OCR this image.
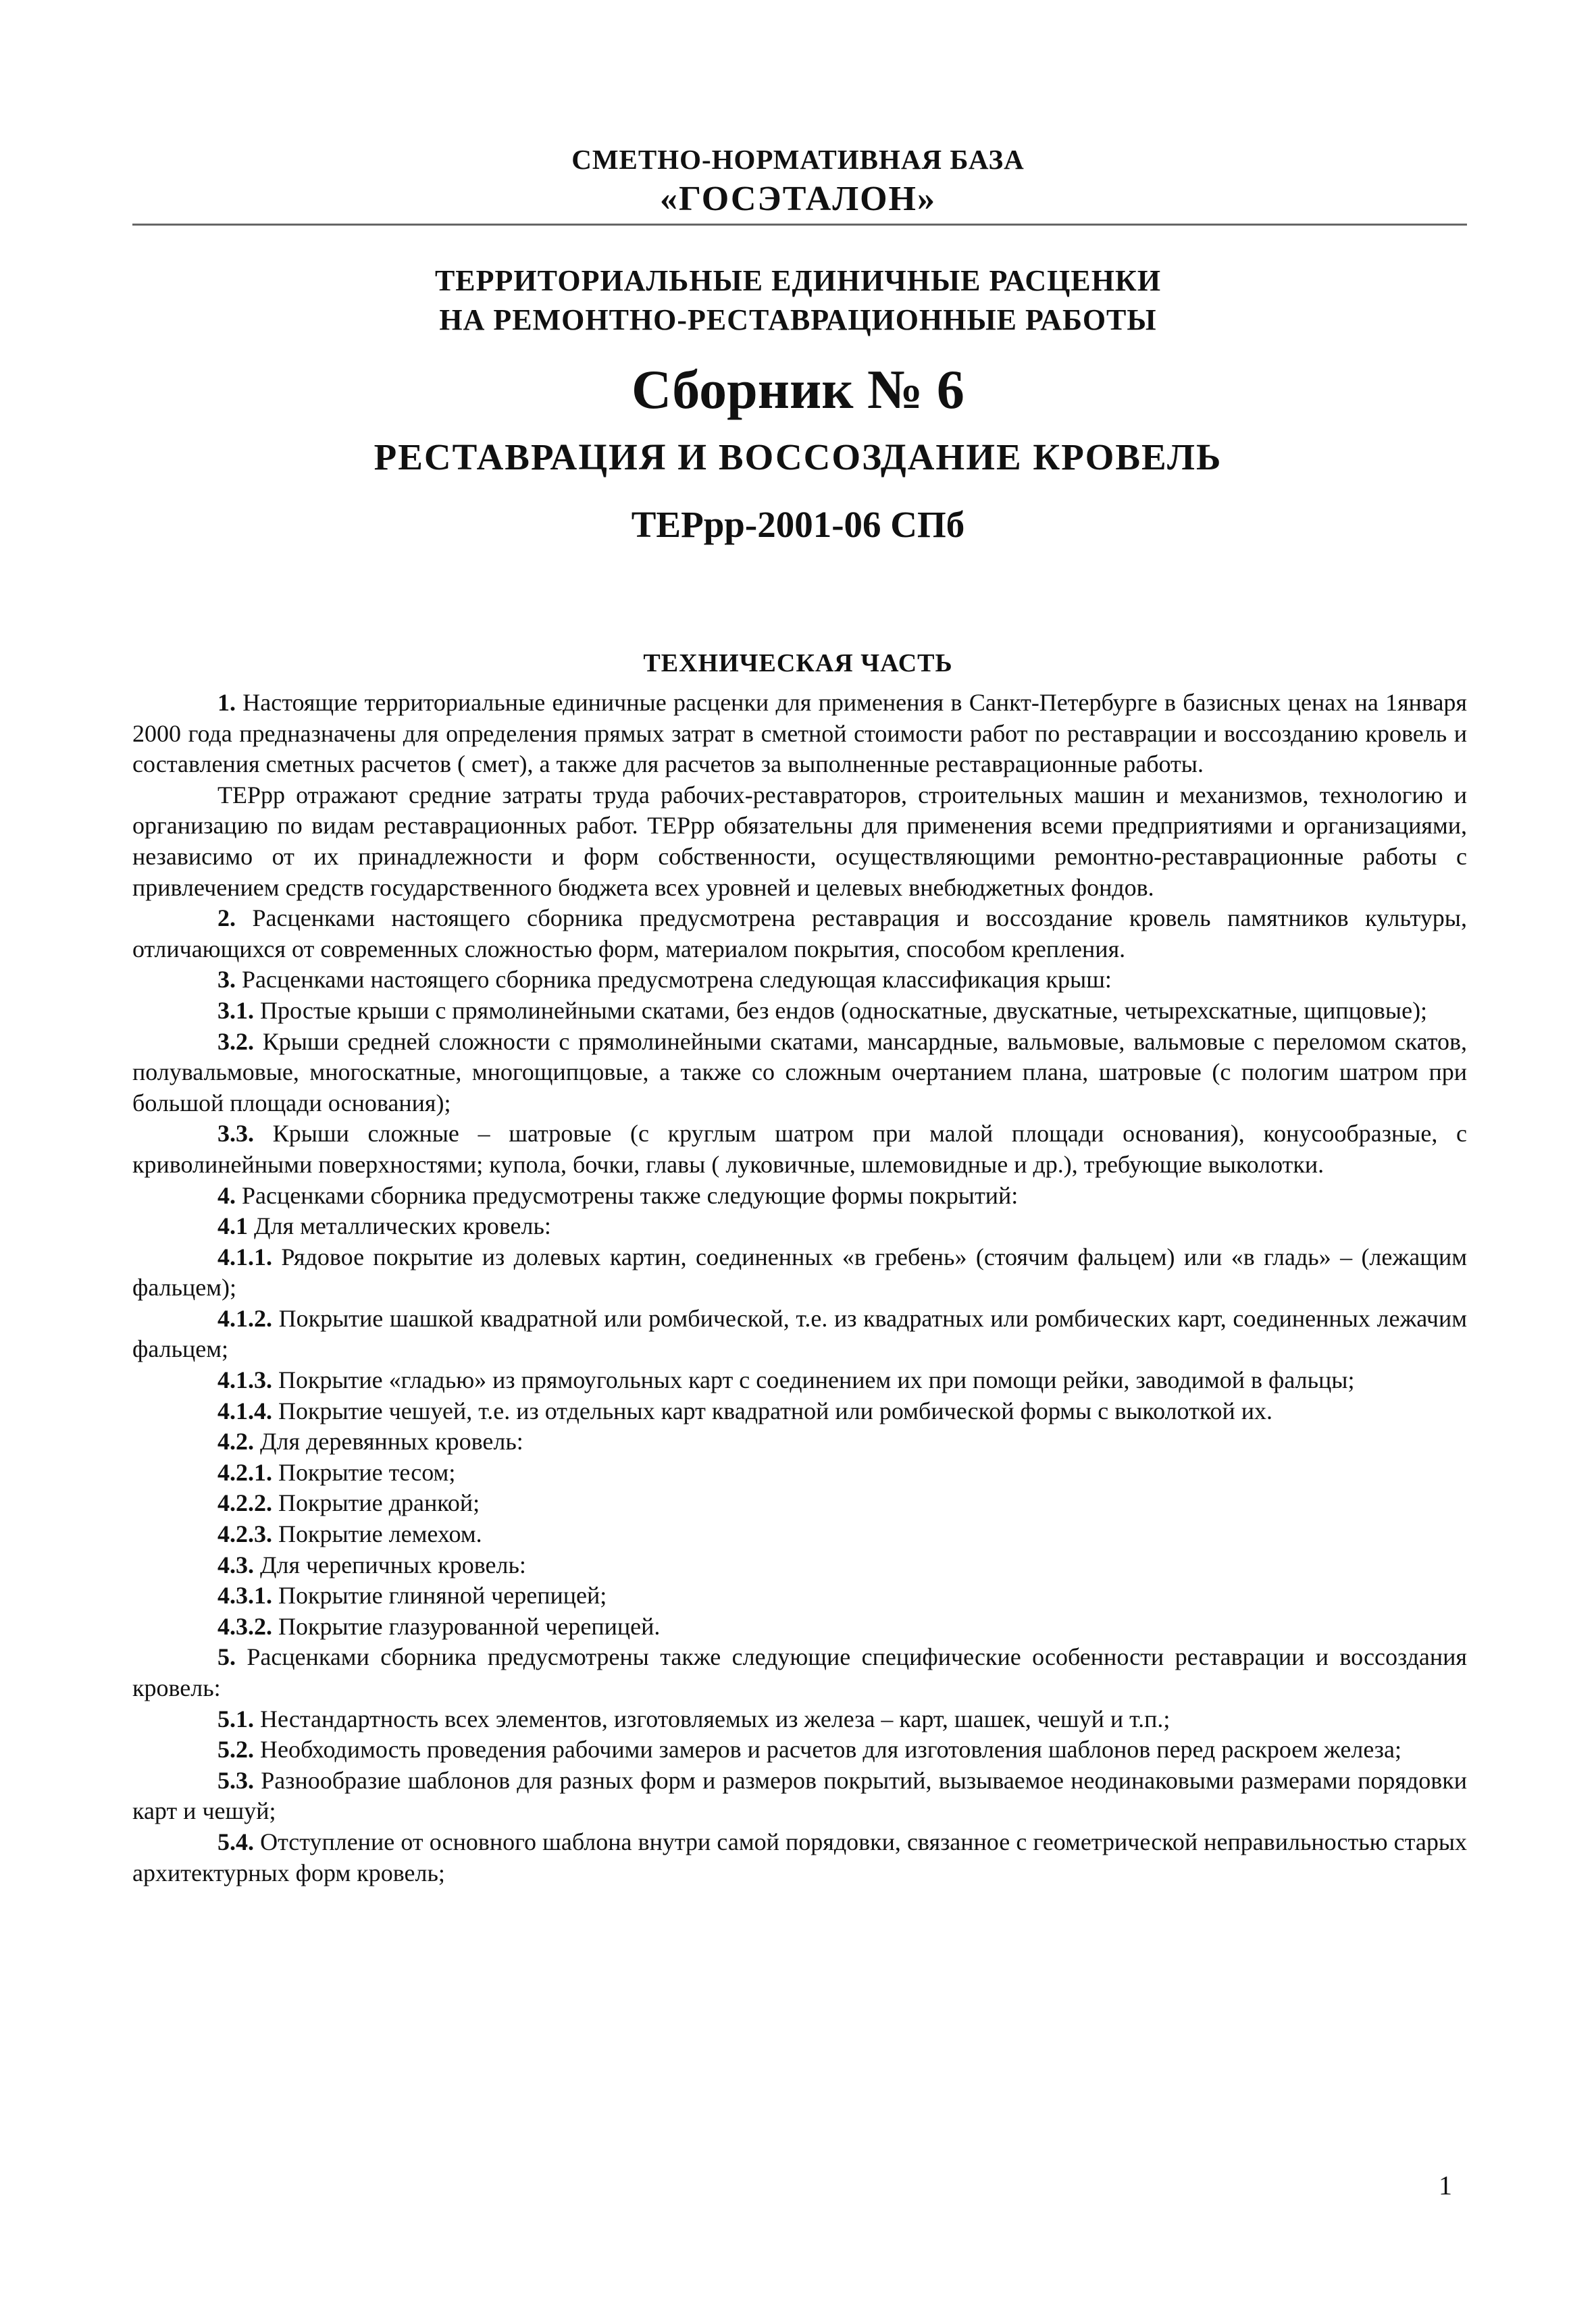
СМЕТНО-НОРМАТИВНАЯ БАЗА
«ГОСЭТАЛОН»
ТЕРРИТОРИАЛЬНЫЕ ЕДИНИЧНЫЕ РАСЦЕНКИ
НА РЕМОНТНО-РЕСТАВРАЦИОННЫЕ РАБОТЫ
Сборник № 6
РЕСТАВРАЦИЯ И ВОССОЗДАНИЕ КРОВЕЛЬ
ТЕРрр-2001-06 СПб
ТЕХНИЧЕСКАЯ ЧАСТЬ

1. Настоящие территориальные единичные расценки для применения в Санкт-Петербурге в базисных ценах на 1января 2000 года предназначены для определения прямых затрат в сметной стоимости работ по реставрации и воссозданию кровель и составления сметных расчетов ( смет), а также для расчетов за выполненные реставрационные работы.

ТЕРрр отражают средние затраты труда рабочих-реставраторов, строительных машин и механизмов, технологию и организацию по видам реставрационных работ. ТЕРрр обязательны для применения всеми предприятиями и организациями, независимо от их принадлежности и форм собственности, осуществляющими ремонтно-реставрационные работы с привлечением средств государственного бюджета всех уровней и целевых внебюджетных фондов.

2. Расценками настоящего сборника предусмотрена реставрация и воссоздание кровель памятников культуры, отличающихся от современных сложностью форм, материалом покрытия, способом крепления.

3. Расценками настоящего сборника предусмотрена следующая классификация крыш:

3.1. Простые крыши с прямолинейными скатами, без ендов (односкатные, двускатные, четырехскатные, щипцовые);

3.2. Крыши средней сложности с прямолинейными скатами, мансардные, вальмовые, вальмовые с переломом скатов, полувальмовые, многоскатные, многощипцовые, а также со сложным очертанием плана, шатровые (с пологим шатром при большой площади основания);

3.3. Крыши сложные – шатровые (с круглым шатром при малой площади основания), конусообразные, с криволинейными поверхностями; купола, бочки, главы ( луковичные, шлемовидные и др.), требующие выколотки.

4. Расценками сборника предусмотрены также следующие формы покрытий:

4.1 Для металлических кровель:

4.1.1. Рядовое покрытие из долевых картин, соединенных «в гребень» (стоячим фальцем) или «в гладь» – (лежащим фальцем);

4.1.2. Покрытие шашкой квадратной или ромбической, т.е. из квадратных или ромбических карт, соединенных лежачим фальцем;

4.1.3. Покрытие «гладью» из прямоугольных карт с соединением их при помощи рейки, заводимой в фальцы;

4.1.4. Покрытие чешуей, т.е. из отдельных карт квадратной или ромбической формы с выколоткой их.

4.2. Для деревянных кровель:

4.2.1. Покрытие тесом;

4.2.2. Покрытие дранкой;

4.2.3. Покрытие лемехом.

4.3. Для черепичных кровель:

4.3.1. Покрытие глиняной черепицей;

4.3.2. Покрытие глазурованной черепицей.

5. Расценками сборника предусмотрены также следующие специфические особенности реставрации и воссоздания кровель:

5.1. Нестандартность всех элементов, изготовляемых из железа – карт, шашек, чешуй и т.п.;

5.2. Необходимость проведения рабочими замеров и расчетов для изготовления шаблонов перед раскроем железа;

5.3. Разнообразие шаблонов для разных форм и размеров покрытий, вызываемое неодинаковыми размерами порядовки карт и чешуй;

5.4. Отступление от основного шаблона внутри самой порядовки, связанное с геометрической неправильностью старых архитектурных форм кровель;

1
